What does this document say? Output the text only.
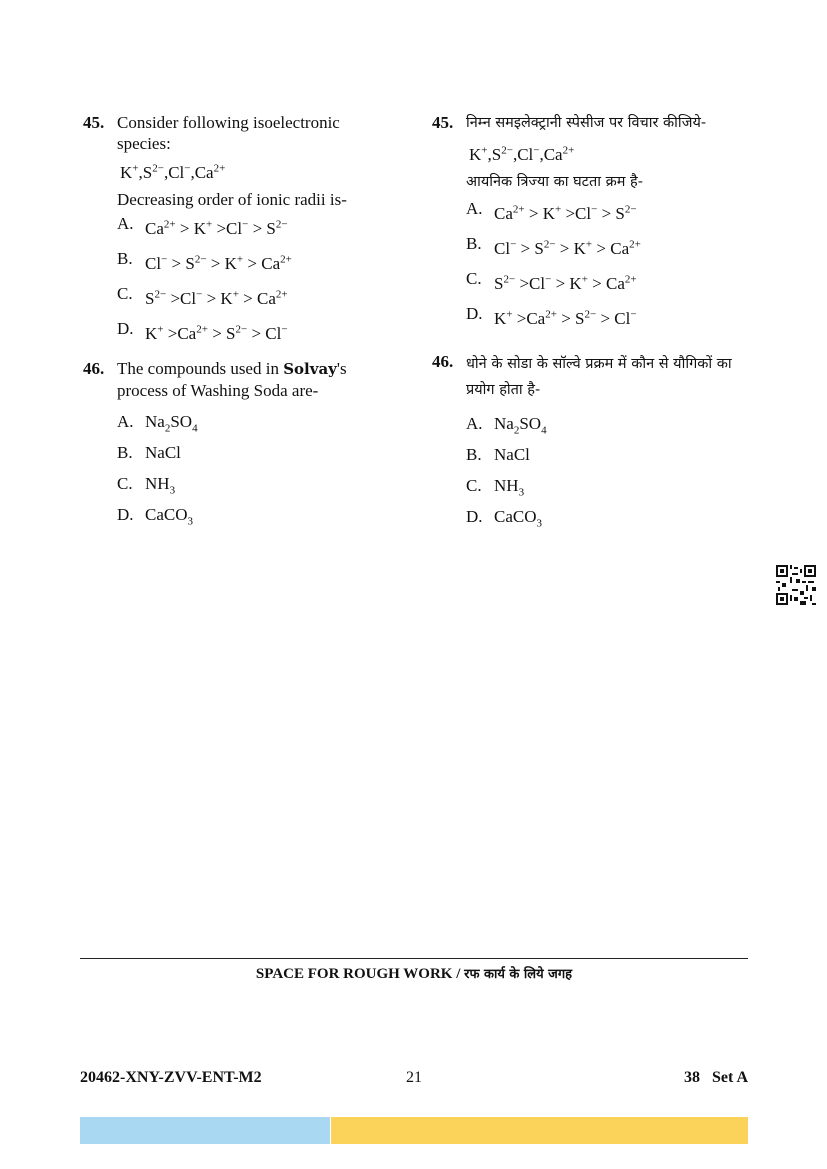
45. Consider following isoelectronic species:
$K^+,S^{2-},Cl^-,Ca^{2+}$
Decreasing order of ionic radii is-
A. $Ca^{2+} > K^+ >Cl^- > S^{2-}$
B. $Cl^- > S^{2-} > K^+ > Ca^{2+}$
C. $S^{2-} >Cl^- > K^+ > Ca^{2+}$
D. $K^+ >Ca^{2+} > S^{2-} > Cl^-$
46. The compounds used in Solvay's process of Washing Soda are-
A. $Na_2SO_4$
B. NaCl
C. $NH_3$
D. CaCO$_3$
45. निम्न समइलेक्ट्रानी स्पेसीज पर विचार कीजिये-
$K^+,S^{2-},Cl^-,Ca^{2+}$
आयनिक त्रिज्या का घटता क्रम है-
A. $Ca^{2+} > K^+ >Cl^- > S^{2-}$
B. $Cl^- > S^{2-} > K^+ > Ca^{2+}$
C. $S^{2-} >Cl^- > K^+ > Ca^{2+}$
D. $K^+ >Ca^{2+} > S^{2-} > Cl^-$
46. धोने के सोडा के सॉल्वे प्रक्रम में कौन से यौगिकों का प्रयोग होता है-
A. $Na_2SO_4$
B. NaCl
C. $NH_3$
D. CaCO$_3$
SPACE FOR ROUGH WORK / रफ कार्य के लिये जगह
20462-XNY-ZVV-ENT-M2	21	38   Set A
